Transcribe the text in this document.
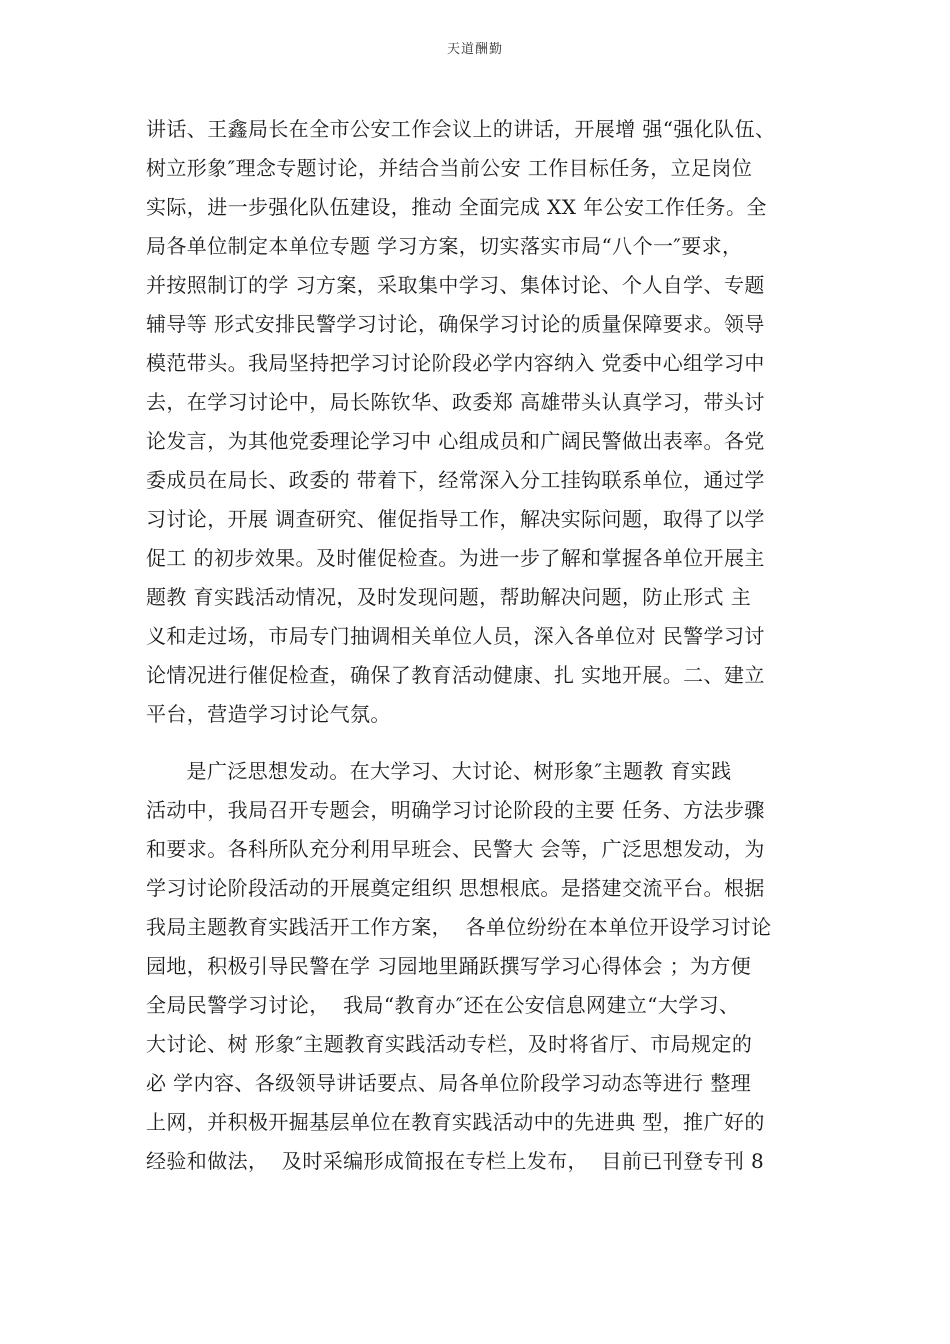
天道酬勤
讲话、王鑫局长在全市公安工作会议上的讲话，开展增 强“强化队伍、
树立形象″理念专题讨论，并结合当前公安 工作目标任务，立足岗位
实际，进一步强化队伍建设，推动 全面完成 XX 年公安工作任务。全
局各单位制定本单位专题 学习方案，切实落实市局“八个一″要求，
并按照制订的学 习方案，采取集中学习、集体讨论、个人自学、专题
辅导等 形式安排民警学习讨论，确保学习讨论的质量保障要求。领导
模范带头。我局坚持把学习讨论阶段必学内容纳入 党委中心组学习中
去，在学习讨论中，局长陈钦华、政委郑 高雄带头认真学习，带头讨
论发言，为其他党委理论学习中 心组成员和广阔民警做出表率。各党
委成员在局长、政委的 带着下，经常深入分工挂钩联系单位，通过学
习讨论，开展 调查研究、催促指导工作，解决实际问题，取得了以学
促工 的初步效果。及时催促检查。为进一步了解和掌握各单位开展主
题教 育实践活动情况，及时发现问题，帮助解决问题，防止形式 主
义和走过场，市局专门抽调相关单位人员，深入各单位对 民警学习讨
论情况进行催促检查，确保了教育活动健康、扎 实地开展。二、建立
平台，营造学习讨论气氛。
是广泛思想发动。在大学习、大讨论、树形象″主题教 育实践
活动中，我局召开专题会，明确学习讨论阶段的主要 任务、方法步骤
和要求。各科所队充分利用早班会、民警大 会等，广泛思想发动，为
学习讨论阶段活动的开展奠定组织 思想根底。是搭建交流平台。根据
我局主题教育实践活开工作方案，  各单位纷纷在本单位开设学习讨论
园地，积极引导民警在学 习园地里踊跃撰写学习心得体会 ；为方便
全局民警学习讨论，  我局“教育办″还在公安信息网建立“大学习、
大讨论、树 形象″主题教育实践活动专栏，及时将省厅、市局规定的
必 学内容、各级领导讲话要点、局各单位阶段学习动态等进行 整理
上网，并积极开掘基层单位在教育实践活动中的先进典 型，推广好的
经验和做法，  及时采编形成简报在专栏上发布，  目前已刊登专刊 8
